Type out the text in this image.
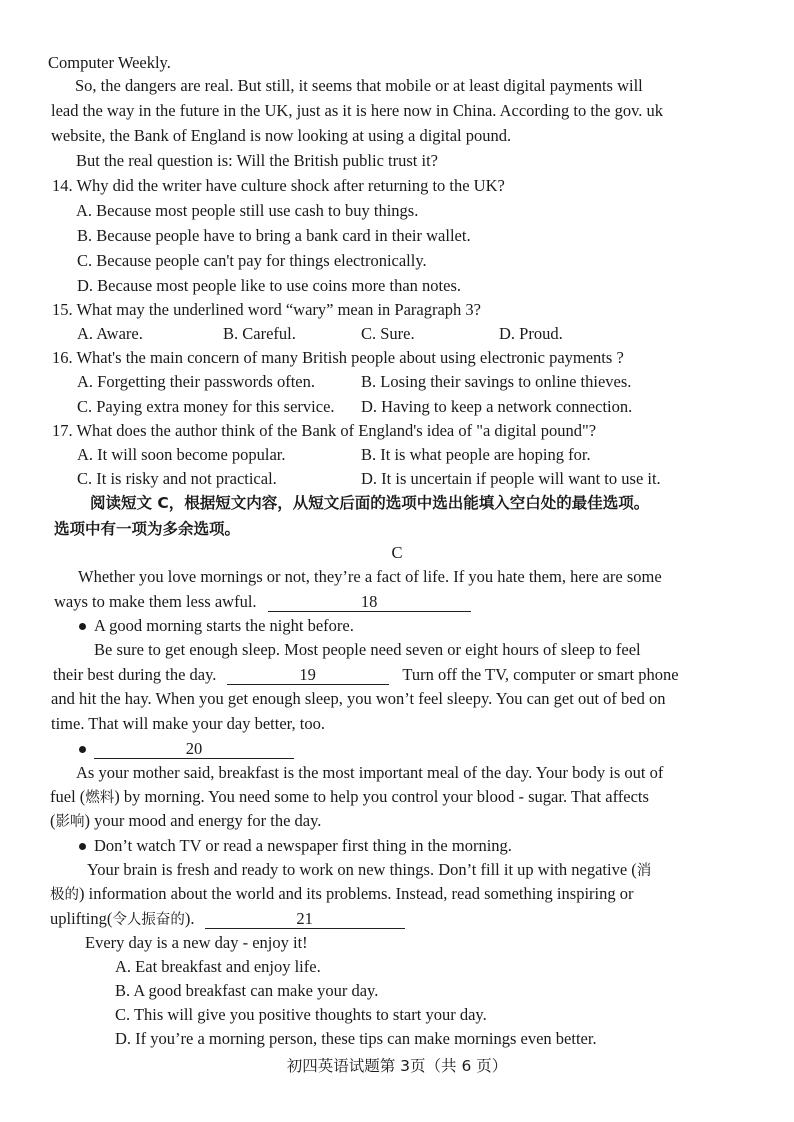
Computer Weekly.
So, the dangers are real. But still, it seems that mobile or at least digital payments will
lead the way in the future in the UK, just as it is here now in China. According to the gov. uk
website, the Bank of England is now looking at using a digital pound.
But the real question is: Will the British public trust it?
14. Why did the writer have culture shock after returning to the UK?
A. Because most people still use cash to buy things.
B. Because people have to bring a bank card in their wallet.
C. Because people can't pay for things electronically.
D. Because most people like to use coins more than notes.
15. What may the underlined word “wary” mean in Paragraph 3?
A. Aware.	B. Careful.	C. Sure.	D. Proud.
16. What's the main concern of many British people about using electronic payments ?
A. Forgetting their passwords often.	B. Losing their savings to online thieves.
C. Paying extra money for this service. D. Having to keep a network connection.
17. What does the author think of the Bank of England's idea of "a digital pound"?
A. It will soon become popular.	B. It is what people are hoping for.
C. It is risky and not practical.	D. It is uncertain if people will want to use it.
阅读短文 C，根据短文内容，从短文后面的选项中选出能填入空白处的最佳选项。
选项中有一项为多余选项。
C
Whether you love mornings or not, they’re a fact of life. If you hate them, here are some
ways to make them less awful.	18
A good morning starts the night before.
Be sure to get enough sleep. Most people need seven or eight hours of sleep to feel
their best during the day.	19	Turn off the TV, computer or smart phone
and hit the hay. When you get enough sleep, you won’t feel sleepy. You can get out of bed on
time. That will make your day better, too.
20
As your mother said, breakfast is the most important meal of the day. Your body is out of
fuel (燃料) by morning. You need some to help you control your blood - sugar. That affects
(影响) your mood and energy for the day.
Don’t watch TV or read a newspaper first thing in the morning.
Your brain is fresh and ready to work on new things. Don’t fill it up with negative (消
极的) information about the world and its problems. Instead, read something inspiring or
uplifting(令人振奋的).	21
Every day is a new day - enjoy it!
A. Eat breakfast and enjoy life.
B. A good breakfast can make your day.
C. This will give you positive thoughts to start your day.
D. If you’re a morning person, these tips can make mornings even better.
初四英语试题第 3页（共 6 页）
